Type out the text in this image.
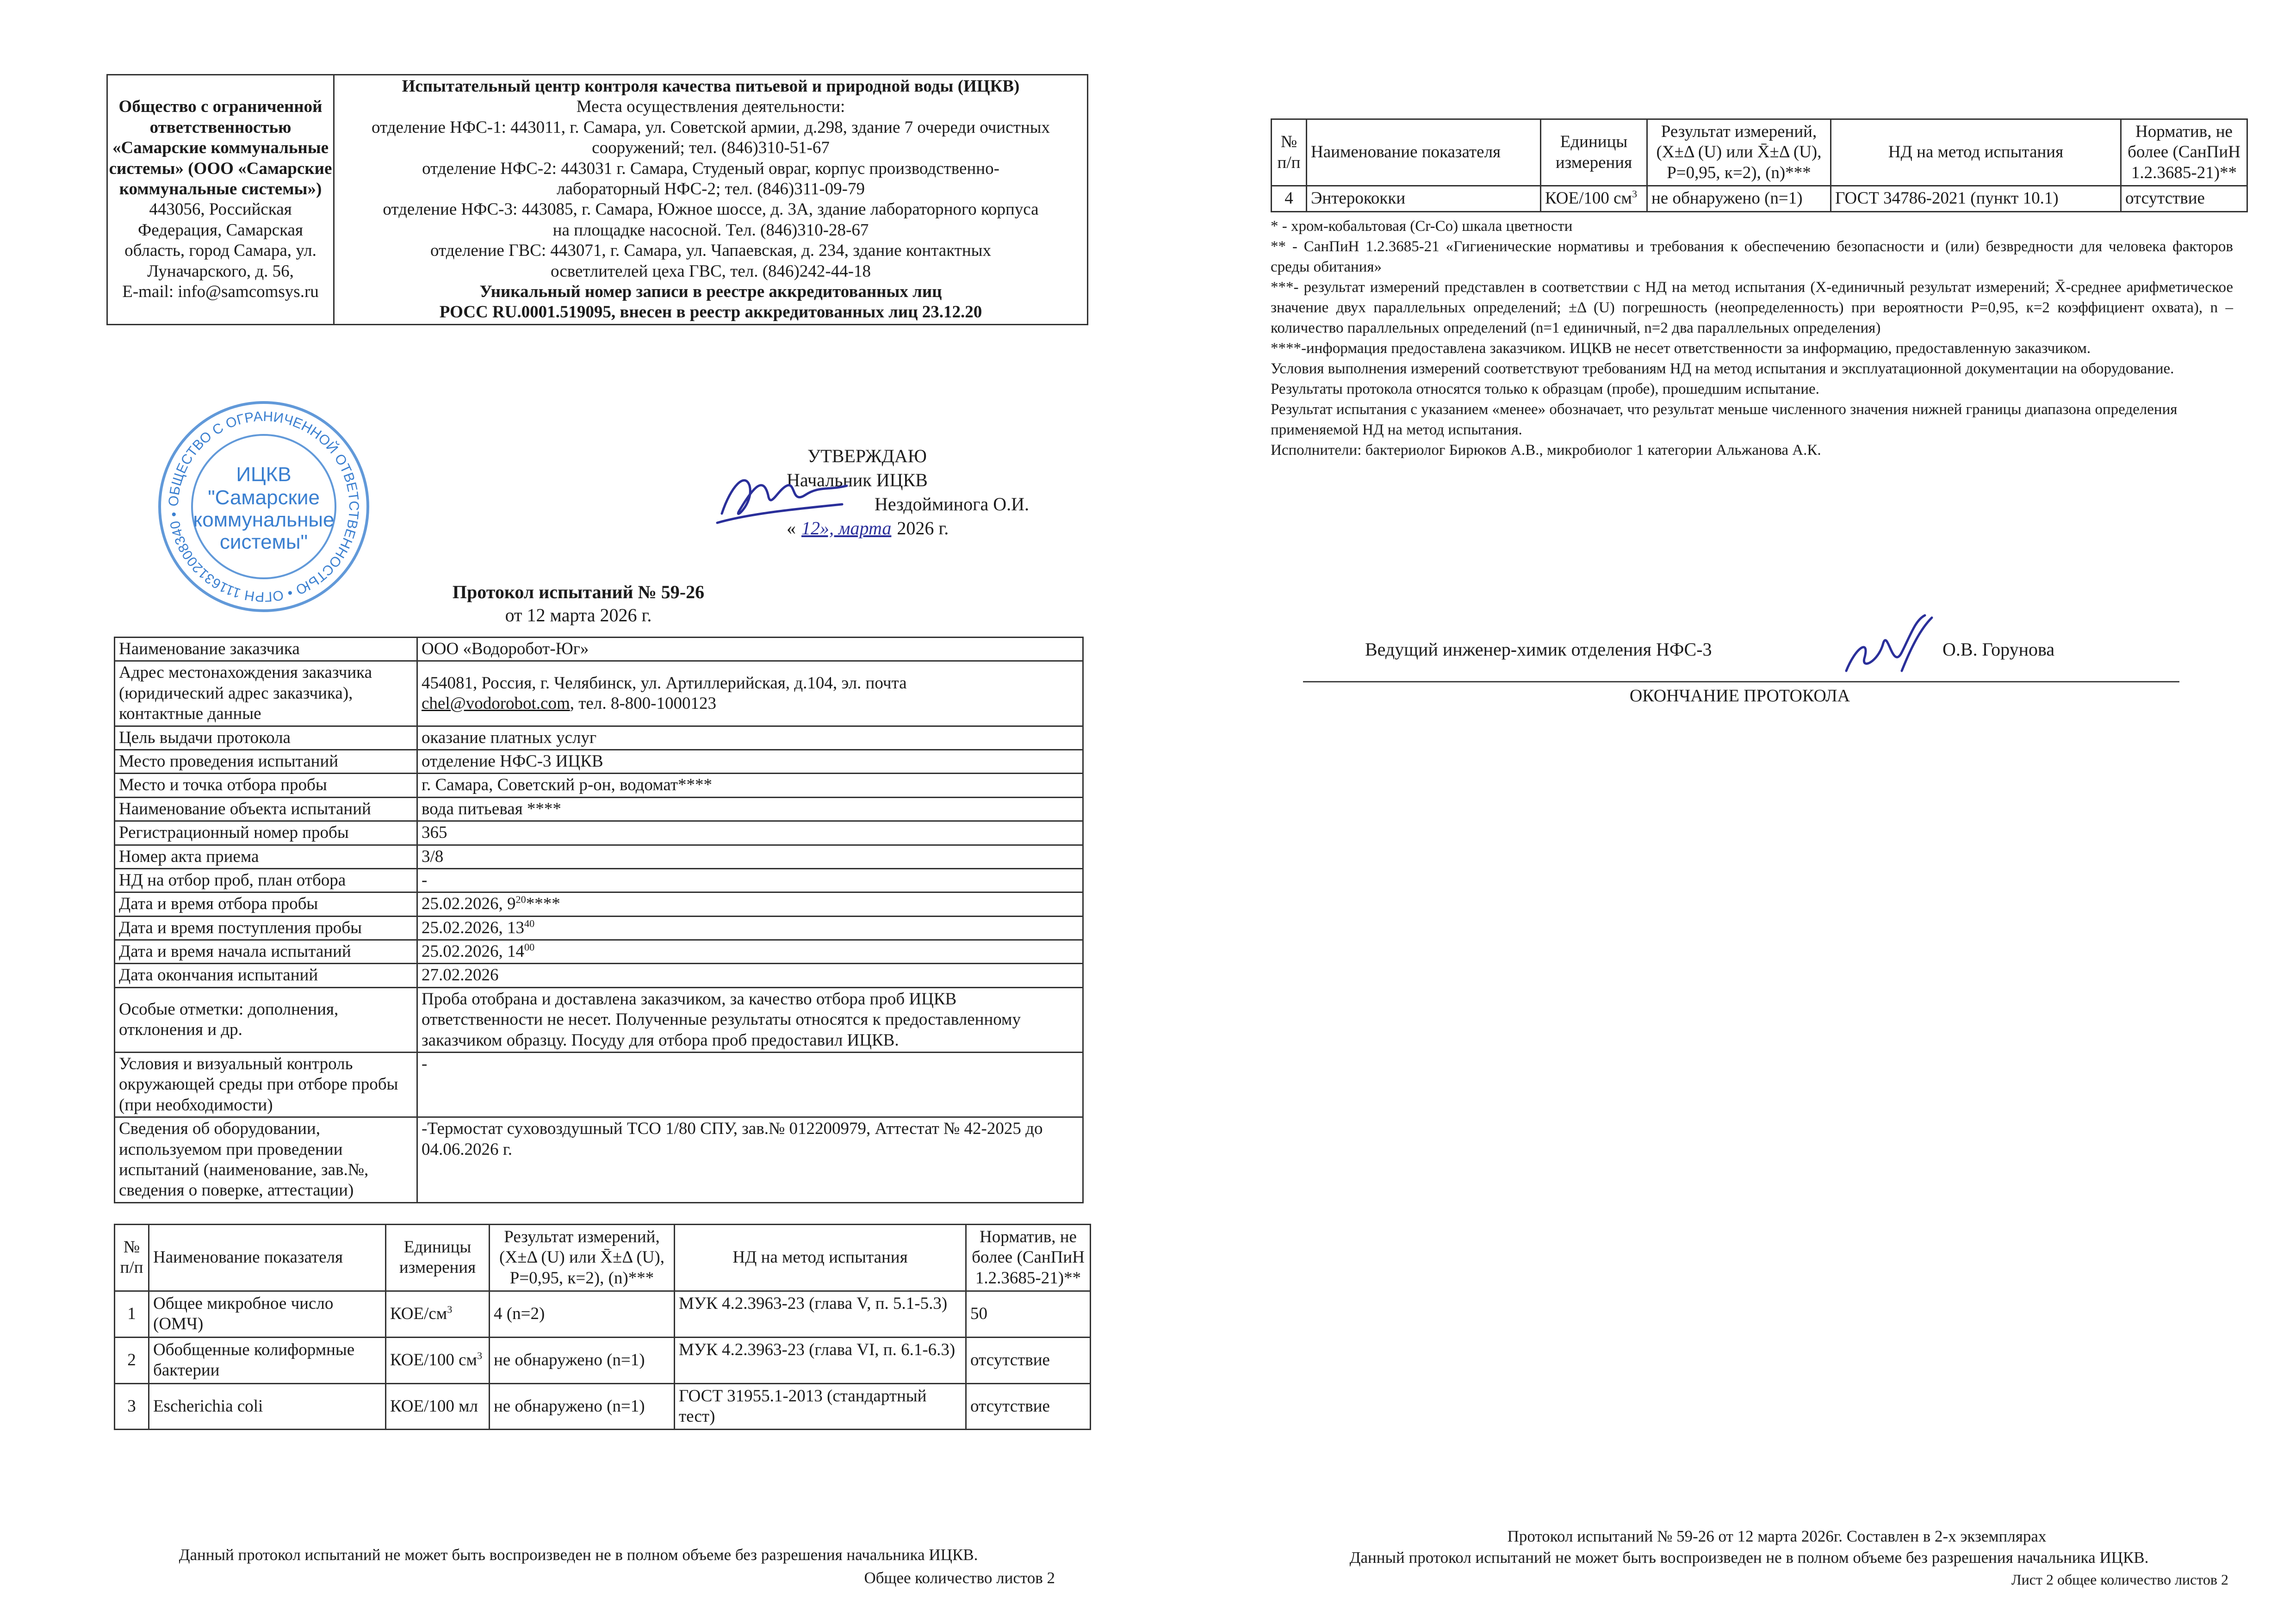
Общество с ограниченной ответственностью «Самарские коммунальные системы» (ООО «Самарские коммунальные системы»)
443056, Российская Федерация, Самарская область, город Самара, ул. Луначарского, д. 56,
E-mail: info@samcomsys.ru

Испытательный центр контроля качества питьевой и природной воды (ИЦКВ)
Места осуществления деятельности:
отделение НФС-1: 443011, г. Самара, ул. Советской армии, д.298, здание 7 очереди очистных сооружений; тел. (846)310-51-67
отделение НФС-2: 443031 г. Самара, Студеный овраг, корпус производственно-лабораторный НФС-2; тел. (846)311-09-79
отделение НФС-3: 443085, г. Самара, Южное шоссе, д. 3А, здание лабораторного корпуса на площадке насосной. Тел. (846)310-28-67
отделение ГВС: 443071, г. Самара, ул. Чапаевская, д. 234, здание контактных осветлителей цеха ГВС, тел. (846)242-44-18
Уникальный номер записи в реестре аккредитованных лиц
РОСС RU.0001.519095, внесен в реестр аккредитованных лиц 23.12.20
ОБЩЕСТВО С ОГРАНИЧЕННОЙ ОТВЕТСТВЕННОСТЬЮ • ОГРН 1116312008340 •
ИЦКВ
"Самарские
коммунальные
системы"
УТВЕРЖДАЮ
Начальник ИЦКВ
Нездойминога О.И.
« 12», марта 2026 г.
Протокол испытаний № 59-26
от 12 марта 2026 г.
Наименование заказчика	ООО «Водоробот-Юг»
Адрес местонахождения заказчика (юридический адрес заказчика), контактные данные	454081, Россия, г. Челябинск, ул. Артиллерийская, д.104, эл. почта
chel@vodorobot.com, тел. 8-800-1000123
Цель выдачи протокола	оказание платных услуг
Место проведения испытаний	отделение НФС-3 ИЦКВ
Место и точка отбора пробы	г. Самара, Советский р-он, водомат****
Наименование объекта испытаний	вода питьевая ****
Регистрационный номер пробы	365
Номер акта приема	3/8
НД на отбор проб, план отбора	-
Дата и время отбора пробы	25.02.2026, $9^{20}****$
Дата и время поступления пробы	25.02.2026, $13^{40}$
Дата и время начала испытаний	25.02.2026, $14^{00}$
Дата окончания испытаний	27.02.2026
Особые отметки: дополнения, отклонения и др.	Проба отобрана и доставлена заказчиком, за качество отбора проб ИЦКВ ответственности не несет. Полученные результаты относятся к предоставленному заказчиком образцу. Посуду для отбора проб предоставил ИЦКВ.
Условия и визуальный контроль окружающей среды при отборе пробы (при необходимости)	-
Сведения об оборудовании, используемом при проведении испытаний (наименование, зав.№, сведения о поверке, аттестации)	-Термостат суховоздушный ТСО 1/80 СПУ, зав.№ 012200979, Аттестат № 42-2025 до 04.06.2026 г.
№ п/п	Наименование показателя	Единицы измерения	Результат измерений, (X±Δ (U) или X̄±Δ (U), P=0,95, к=2), (n)***	НД на метод испытания	Норматив, не более (СанПиН 1.2.3685-21)**
1	Общее микробное число (ОМЧ)	КОЕ/$см^3$	4 (n=2)	МУК 4.2.3963-23 (глава V, п. 5.1-5.3)	50
2	Обобщенные колиформные бактерии	КОЕ/100 $см^3$	не обнаружено (n=1)	МУК 4.2.3963-23 (глава VI, п. 6.1-6.3)	отсутствие
3	Escherichia coli	КОЕ/100 мл	не обнаружено (n=1)	ГОСТ 31955.1-2013 (стандартный тест)	отсутствие
Данный протокол испытаний не может быть воспроизведен не в полном объеме без разрешения начальника ИЦКВ.
Общее количество листов 2
№ п/п	Наименование показателя	Единицы измерения	Результат измерений, (X±Δ (U) или X̄±Δ (U), P=0,95, к=2), (n)***	НД на метод испытания	Норматив, не более (СанПиН 1.2.3685-21)**
4	Энтерококки	КОЕ/100 $см^3$	не обнаружено (n=1)	ГОСТ 34786-2021 (пункт 10.1)	отсутствие

* - хром-кобальтовая (Cr-Co) шкала цветности

** - СанПиН 1.2.3685-21 «Гигиенические нормативы и требования к обеспечению безопасности и (или) безвредности для человека факторов среды обитания»

***- результат измерений представлен в соответствии с НД на метод испытания (X-единичный результат измерений; X̄-среднее арифметическое значение двух параллельных определений; ±Δ (U) погрешность (неопределенность) при вероятности P=0,95, к=2 коэффициент охвата), n – количество параллельных определений (n=1 единичный, n=2 два параллельных определения)

****-информация предоставлена заказчиком. ИЦКВ не несет ответственности за информацию, предоставленную заказчиком.

Условия выполнения измерений соответствуют требованиям НД на метод испытания и эксплуатационной документации на оборудование.

Результаты протокола относятся только к образцам (пробе), прошедшим испытание.

Результат испытания с указанием «менее» обозначает, что результат меньше численного значения нижней границы диапазона определения применяемой НД на метод испытания.

Исполнители: бактериолог Бирюков А.В., микробиолог 1 категории Альжанова А.К.

Ведущий инженер-химик отделения НФС-3	О.В. Горунова
ОКОНЧАНИЕ ПРОТОКОЛА
Протокол испытаний № 59-26 от 12 марта 2026г. Составлен в 2-х экземплярах
Данный протокол испытаний не может быть воспроизведен не в полном объеме без разрешения начальника ИЦКВ.
Лист 2 общее количество листов 2
